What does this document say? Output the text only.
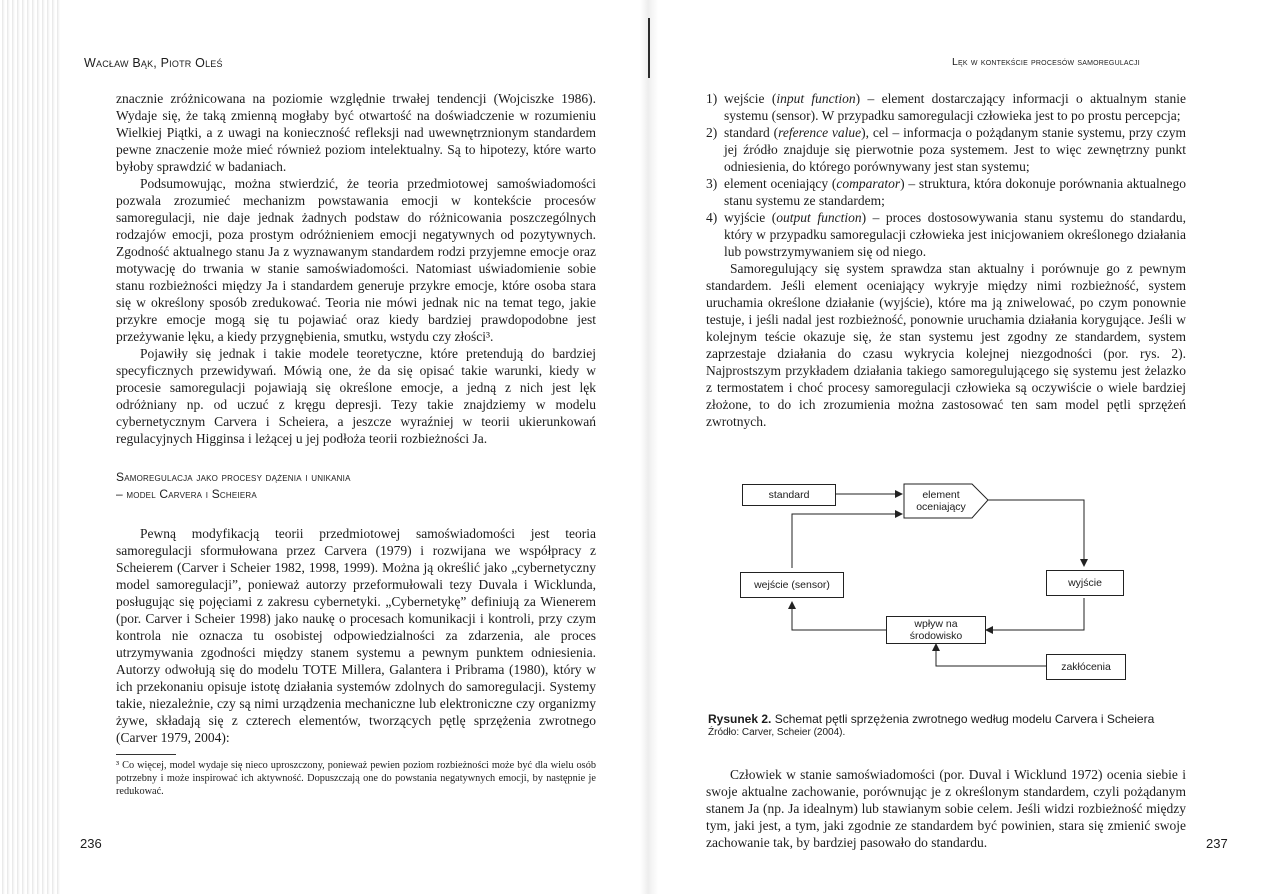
Wacław Bąk, Piotr Oleś	Lęk w kontekście procesów samoregulacji

znacznie zróżnicowana na poziomie względnie trwałej tendencji (Wojciszke 1986). Wydaje się, że taką zmienną mogłaby być otwartość na doświadczenie w rozumieniu Wielkiej Piątki, a z uwagi na konieczność refleksji nad uwewnętrznionym standardem pewne znaczenie może mieć również poziom intelektualny. Są to hipotezy, które warto byłoby sprawdzić w badaniach.

Podsumowując, można stwierdzić, że teoria przedmiotowej samoświadomości pozwala zrozumieć mechanizm powstawania emocji w kontekście procesów samoregulacji, nie daje jednak żadnych podstaw do różnicowania poszczególnych rodzajów emocji, poza prostym odróżnieniem emocji negatywnych od pozytywnych. Zgodność aktualnego stanu Ja z wyznawanym standardem rodzi przyjemne emocje oraz motywację do trwania w stanie samoświadomości. Natomiast uświadomienie sobie stanu rozbieżności między Ja i standardem generuje przykre emocje, które osoba stara się w określony sposób zredukować. Teoria nie mówi jednak nic na temat tego, jakie przykre emocje mogą się tu pojawiać oraz kiedy bardziej prawdopodobne jest przeżywanie lęku, a kiedy przygnębienia, smutku, wstydu czy złości³.

Pojawiły się jednak i takie modele teoretyczne, które pretendują do bardziej specyficznych przewidywań. Mówią one, że da się opisać takie warunki, kiedy w procesie samoregulacji pojawiają się określone emocje, a jedną z nich jest lęk odróżniany np. od uczuć z kręgu depresji. Tezy takie znajdziemy w modelu cybernetycznym Carvera i Scheiera, a jeszcze wyraźniej w teorii ukierunkowań regulacyjnych Higginsa i leżącej u jej podłoża teorii rozbieżności Ja.

Samoregulacja jako procesy dążenia i unikania
– model Carvera i Scheiera

Pewną modyfikacją teorii przedmiotowej samoświadomości jest teoria samoregulacji sformułowana przez Carvera (1979) i rozwijana we współpracy z Scheierem (Carver i Scheier 1982, 1998, 1999). Można ją określić jako „cybernetyczny model samoregulacji”, ponieważ autorzy przeformułowali tezy Duvala i Wicklunda, posługując się pojęciami z zakresu cybernetyki. „Cybernetykę” definiują za Wienerem (por. Carver i Scheier 1998) jako naukę o procesach komunikacji i kontroli, przy czym kontrola nie oznacza tu osobistej odpowiedzialności za zdarzenia, ale proces utrzymywania zgodności między stanem systemu a pewnym punktem odniesienia. Autorzy odwołują się do modelu TOTE Millera, Galantera i Pribrama (1980), który w ich przekonaniu opisuje istotę działania systemów zdolnych do samoregulacji. Systemy takie, niezależnie, czy są nimi urządzenia mechaniczne lub elektroniczne czy organizmy żywe, składają się z czterech elementów, tworzących pętlę sprzężenia zwrotnego (Carver 1979, 2004):

³ Co więcej, model wydaje się nieco uproszczony, ponieważ pewien poziom rozbieżności może być dla wielu osób potrzebny i może inspirować ich aktywność. Dopuszczają one do powstania negatywnych emocji, by następnie je redukować.

236
1) wejście (input function) – element dostarczający informacji o aktualnym stanie systemu (sensor). W przypadku samoregulacji człowieka jest to po prostu percepcja;
2) standard (reference value), cel – informacja o pożądanym stanie systemu, przy czym jej źródło znajduje się pierwotnie poza systemem. Jest to więc zewnętrzny punkt odniesienia, do którego porównywany jest stan systemu;
3) element oceniający (comparator) – struktura, która dokonuje porównania aktualnego stanu systemu ze standardem;
4) wyjście (output function) – proces dostosowywania stanu systemu do standardu, który w przypadku samoregulacji człowieka jest inicjowaniem określonego działania lub powstrzymywaniem się od niego.

Samoregulujący się system sprawdza stan aktualny i porównuje go z pewnym standardem. Jeśli element oceniający wykryje między nimi rozbieżność, system uruchamia określone działanie (wyjście), które ma ją zniwelować, po czym ponownie testuje, i jeśli nadal jest rozbieżność, ponownie uruchamia działania korygujące. Jeśli w kolejnym teście okazuje się, że stan systemu jest zgodny ze standardem, system zaprzestaje działania do czasu wykrycia kolejnej niezgodności (por. rys. 2). Najprostszym przykładem działania takiego samoregulującego się systemu jest żelazko z termostatem i choć procesy samoregulacji człowieka są oczywiście o wiele bardziej złożone, to do ich zrozumienia można zastosować ten sam model pętli sprzężeń zwrotnych.

standard	element
oceniający
wejście (sensor)	wyjście
wpływ na
środowisko
zakłócenia
Rysunek 2. Schemat pętli sprzężenia zwrotnego według modelu Carvera i Scheiera
Źródło: Carver, Scheier (2004).

Człowiek w stanie samoświadomości (por. Duval i Wicklund 1972) ocenia siebie i swoje aktualne zachowanie, porównując je z określonym standardem, czyli pożądanym stanem Ja (np. Ja idealnym) lub stawianym sobie celem. Jeśli widzi rozbieżność między tym, jaki jest, a tym, jaki zgodnie ze standardem być powinien, stara się zmienić swoje zachowanie tak, by bardziej pasowało do standardu.	237
